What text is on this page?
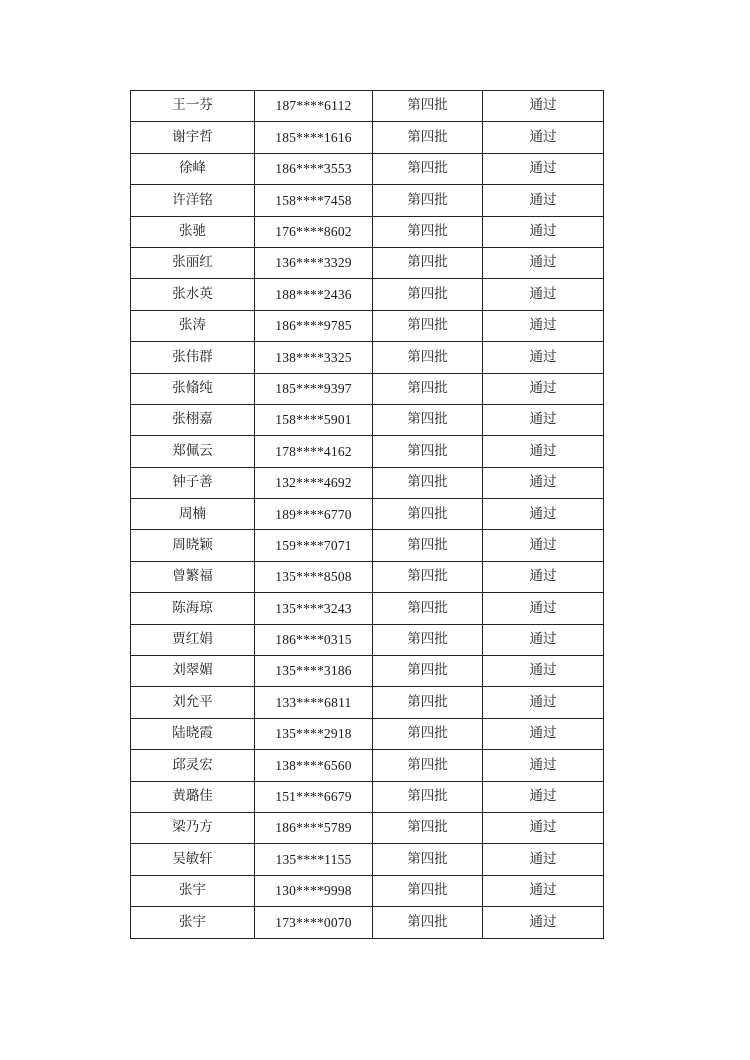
王一芬	187****6112	第四批	通过
谢宇哲	185****1616	第四批	通过
徐峰	186****3553	第四批	通过
许洋铭	158****7458	第四批	通过
张驰	176****8602	第四批	通过
张丽红	136****3329	第四批	通过
张水英	188****2436	第四批	通过
张涛	186****9785	第四批	通过
张伟群	138****3325	第四批	通过
张翛纯	185****9397	第四批	通过
张栩嘉	158****5901	第四批	通过
郑佩云	178****4162	第四批	通过
钟子善	132****4692	第四批	通过
周楠	189****6770	第四批	通过
周晓颖	159****7071	第四批	通过
曾繁福	135****8508	第四批	通过
陈海琼	135****3243	第四批	通过
贾红娟	186****0315	第四批	通过
刘翠媚	135****3186	第四批	通过
刘允平	133****6811	第四批	通过
陆晓霞	135****2918	第四批	通过
邱灵宏	138****6560	第四批	通过
黄璐佳	151****6679	第四批	通过
梁乃方	186****5789	第四批	通过
吴敏轩	135****1155	第四批	通过
张宇	130****9998	第四批	通过
张宇	173****0070	第四批	通过
